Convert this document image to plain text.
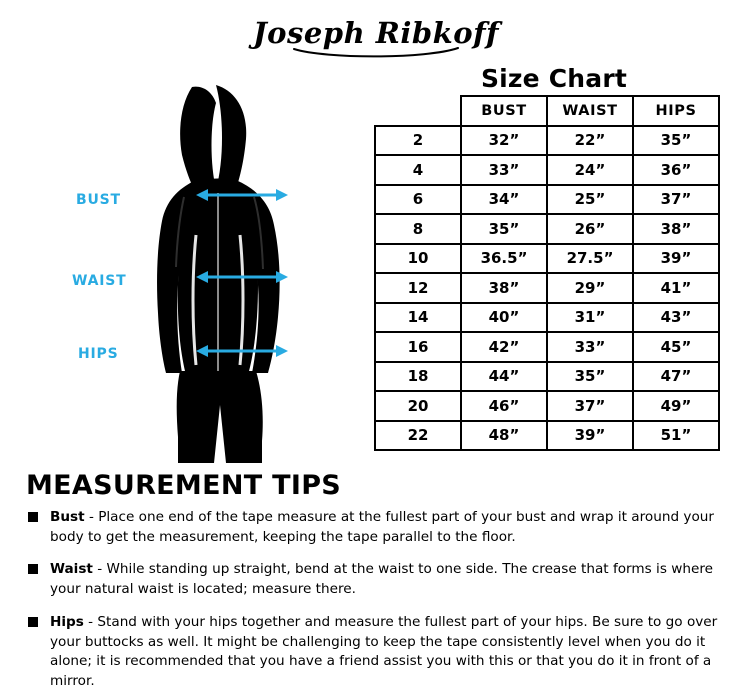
Joseph Ribkoff
Size Chart
	BUST	WAIST	HIPS
2	32”	22”	35”
4	33”	24”	36”
6	34”	25”	37”
8	35”	26”	38”
10	36.5”	27.5”	39”
12	38”	29”	41”
14	40”	31”	43”
16	42”	33”	45”
18	44”	35”	47”
20	46”	37”	49”
22	48”	39”	51”
BUST
WAIST
HIPS
MEASUREMENT TIPS
Bust - Place one end of the tape measure at the fullest part of your bust and wrap it around your body to get the measurement, keeping the tape parallel to the floor.
Waist - While standing up straight, bend at the waist to one side. The crease that forms is where your natural waist is located; measure there.
Hips - Stand with your hips together and measure the fullest part of your hips. Be sure to go over your buttocks as well. It might be challenging to keep the tape consistently level when you do it alone; it is recommended that you have a friend assist you with this or that you do it in front of a mirror.
